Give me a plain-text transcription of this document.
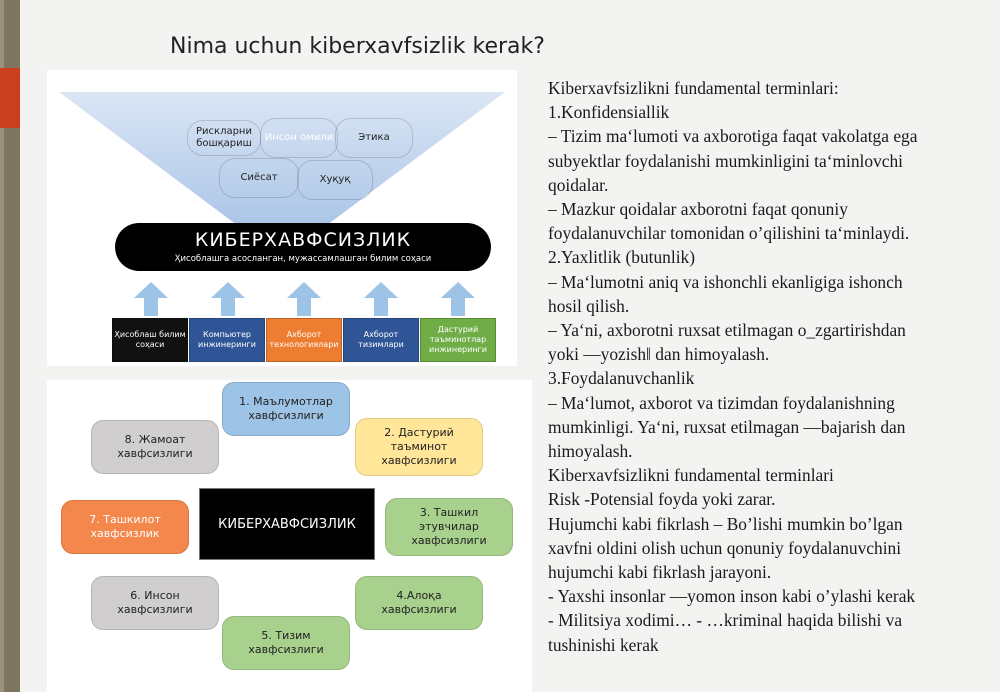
Nima uchun kiberxavfsizlik kerak?
Рискларни бошқариш
Инсон омили	Этика
Сиёсат	Хуқуқ
КИБЕРХАВФСИЗЛИК
Ҳисоблашга асосланган, мужассамлашган билим соҳаси
Ҳисоблаш билим соҳаси
Компьютер инжинеринги
Ахборот технологиялари
Ахборот тизимлари
Дастурий таъминотлар инжинеринги
КИБЕРХАВФСИЗЛИК
1. Маълумотлар
хавфсизлиги
2. Дастурий
таъминот
хавфсизлиги
3. Ташкил
этувчилар
хавфсизлиги
4.Алоқа
хавфсизлиги
5. Тизим
хавфсизлиги
6. Инсон
хавфсизлиги
7. Ташкилот
хавфсизлик
8. Жамоат
хавфсизлиги
Kiberxavfsizlikni fundamental terminlari:
1.Konfidensiallik
– Tizim ma‘lumoti va axborotiga faqat vakolatga ega
subyektlar foydalanishi mumkinligini ta‘minlovchi
qoidalar.
– Mazkur qoidalar axborotni faqat qonuniy
foydalanuvchilar tomonidan o’qilishini ta‘minlaydi.
2.Yaxlitlik (butunlik)
– Ma‘lumotni aniq va ishonchli ekanligiga ishonch
hosil qilish.
– Ya‘ni, axborotni ruxsat etilmagan o_zgartirishdan
yoki ―yozish‖ dan himoyalash.
3.Foydalanuvchanlik
– Ma‘lumot, axborot va tizimdan foydalanishning
mumkinligi. Ya‘ni, ruxsat etilmagan ―bajarish dan
himoyalash.
Kiberxavfsizlikni fundamental terminlari
Risk -Potensial foyda yoki zarar.
Hujumchi kabi fikrlash – Bo’lishi mumkin bo’lgan
xavfni oldini olish uchun qonuniy foydalanuvchini
hujumchi kabi fikrlash jarayoni.
- Yaxshi insonlar ―yomon inson kabi o’ylashi kerak
- Militsiya xodimi… - …kriminal haqida bilishi va
tushinishi kerak
